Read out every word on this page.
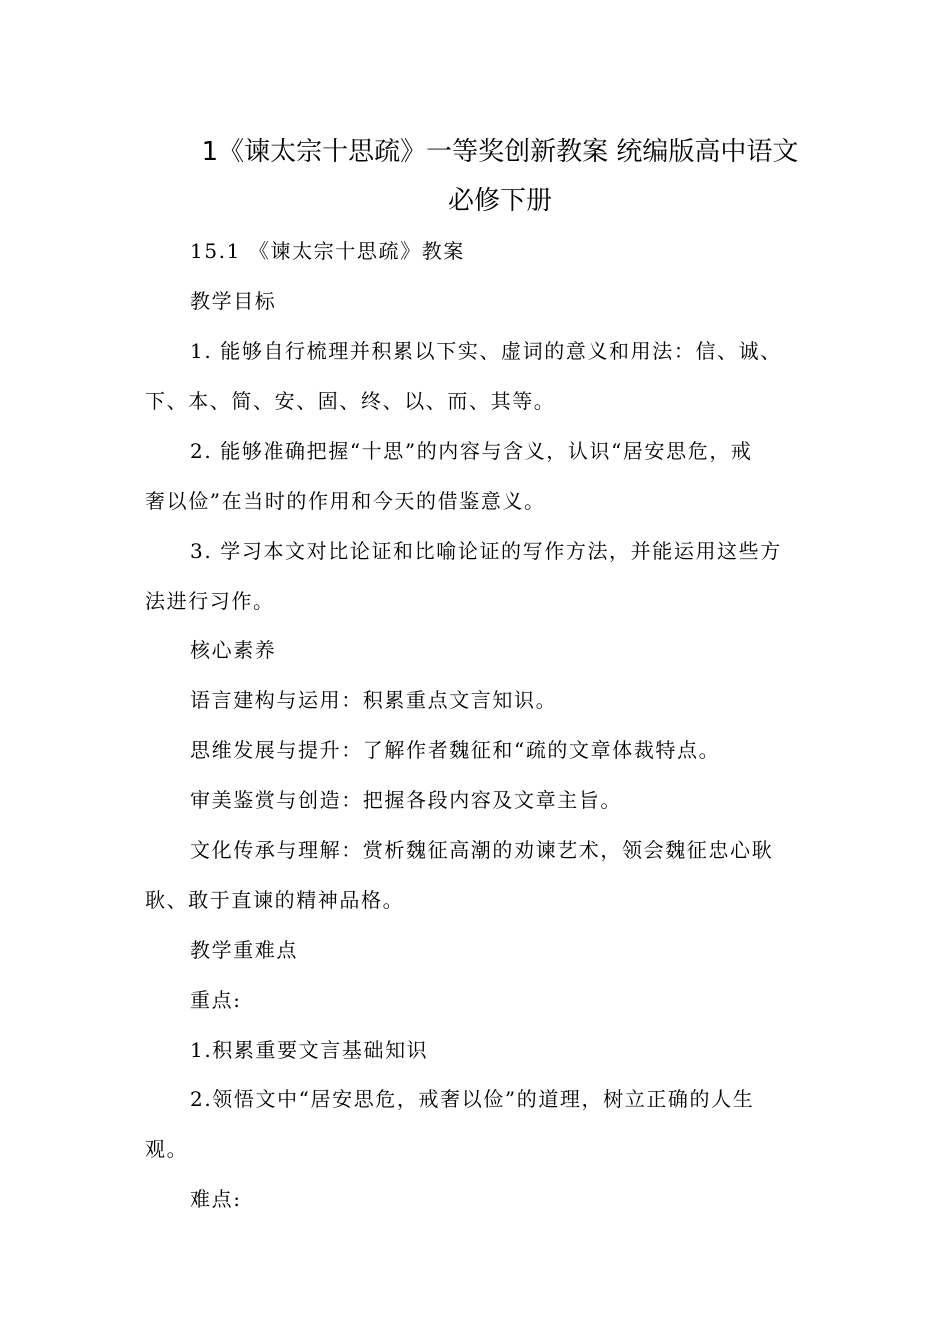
1《谏太宗十思疏》一等奖创新教案 统编版高中语文
必修下册
15.1 《谏太宗十思疏》教案
教学目标
1. 能够自行梳理并积累以下实、虚词的意义和用法：信、诚、
下、本、简、安、固、终、以、而、其等。
2. 能够准确把握“十思”的内容与含义，认识“居安思危，戒
奢以俭”在当时的作用和今天的借鉴意义。
3. 学习本文对比论证和比喻论证的写作方法，并能运用这些方
法进行习作。
核心素养
语言建构与运用：积累重点文言知识。
思维发展与提升：了解作者魏征和“疏的文章体裁特点。
审美鉴赏与创造：把握各段内容及文章主旨。
文化传承与理解：赏析魏征高潮的劝谏艺术，领会魏征忠心耿
耿、敢于直谏的精神品格。
教学重难点
重点:
1.积累重要文言基础知识
2.领悟文中“居安思危，戒奢以俭”的道理，树立正确的人生
观。
难点:
